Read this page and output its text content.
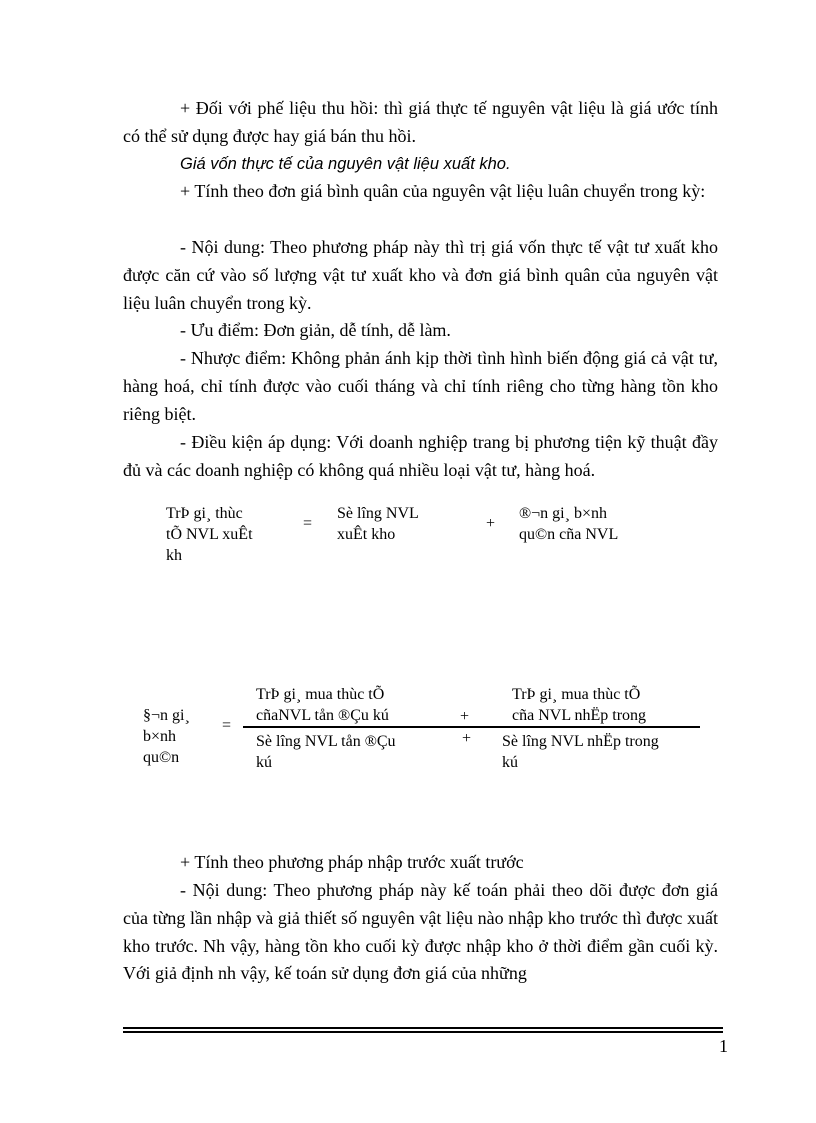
+ Đối với phế liệu thu hồi: thì giá thực tế nguyên vật liệu là giá ước tính có thể sử dụng được hay giá bán thu hồi.
Giá vốn thực tế của nguyên vật liệu xuất kho.
+ Tính theo đơn giá bình quân của nguyên vật liệu luân chuyển trong kỳ:
- Nội dung: Theo phương pháp này thì trị giá vốn thực tế vật tư xuất kho được căn cứ vào số lượng vật tư xuất kho và đơn giá bình quân của nguyên vật liệu luân chuyển trong kỳ.
- Ưu điểm: Đơn giản, dễ tính, dễ làm.
- Nhược điểm: Không phản ánh kịp thời tình hình biến động giá cả vật tư, hàng hoá, chỉ tính được vào cuối tháng và chỉ tính riêng cho từng hàng tồn kho riêng biệt.
- Điều kiện áp dụng: Với doanh nghiệp trang bị phương tiện kỹ thuật đầy đủ và các doanh nghiệp có không quá nhiều loại vật tư, hàng hoá.
TrÞ gi¸ thùc
tÕ NVL xuÊt
kh
=
Sè lîng NVL
xuÊt kho
+
®¬n gi¸ b×nh
qu©n cña NVL
§¬n gi¸
b×nh
qu©n
=
TrÞ gi¸ mua thùc tÕ
cñaNVL tån ®Çu kú	+
TrÞ gi¸ mua thùc tÕ
cña NVL nhËp trong
Sè lîng NVL tån ®Çu
kú
+ Sè lîng NVL nhËp trong
kú
+ Tính theo phương pháp nhập trước xuất trước
- Nội dung: Theo phương pháp này kế toán phải theo dõi được đơn giá của từng lần nhập và giả thiết số nguyên vật liệu nào nhập kho trước thì được xuất kho trước. Nh vậy, hàng tồn kho cuối kỳ được nhập kho ở thời điểm gần cuối kỳ. Với giả định nh vậy, kế toán sử dụng đơn giá của những
1
